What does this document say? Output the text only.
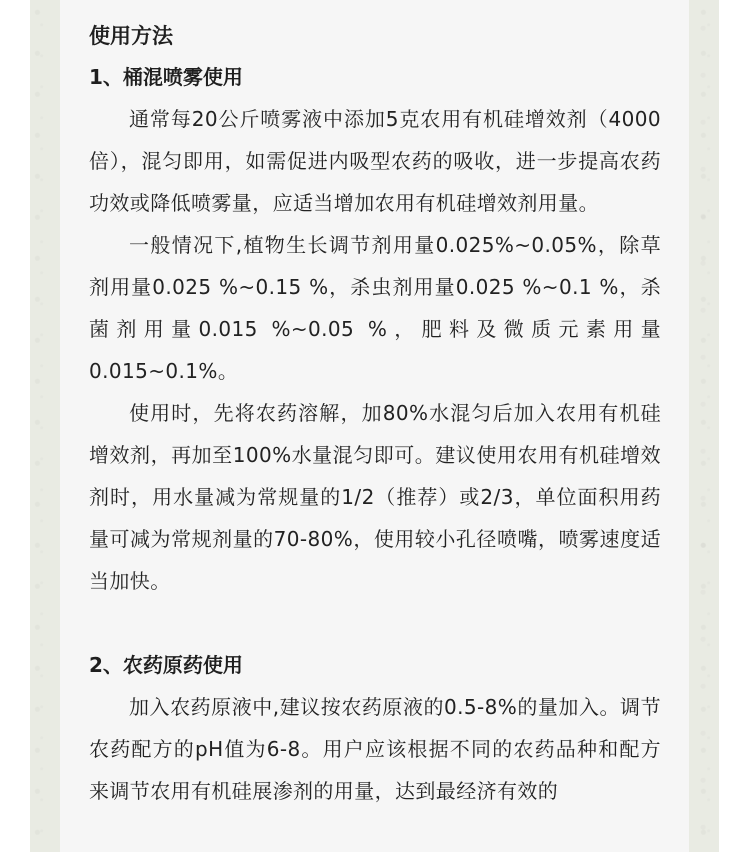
使用方法
1、桶混喷雾使用

通常每20公斤喷雾液中添加5克农用有机硅增效剂（4000倍），混匀即用，如需促进内吸型农药的吸收，进一步提高农药功效或降低喷雾量，应适当增加农用有机硅增效剂用量。

一般情况下,植物生长调节剂用量0.025%~0.05%，除草剂用量0.025 %~0.15 %，杀虫剂用量0.025 %~0.1 %，杀菌剂用量0.015 %~0.05 %，肥料及微质元素用量0.015~0.1%。

使用时，先将农药溶解，加80%水混匀后加入农用有机硅增效剂，再加至100%水量混匀即可。建议使用农用有机硅增效剂时，用水量减为常规量的1/2（推荐）或2/3，单位面积用药量可减为常规剂量的70-80%，使用较小孔径喷嘴，喷雾速度适当加快。

2、农药原药使用

加入农药原液中,建议按农药原液的0.5-8%的量加入。调节农药配方的pH值为6-8。用户应该根据不同的农药品种和配方来调节农用有机硅展渗剂的用量，达到最经济有效的
